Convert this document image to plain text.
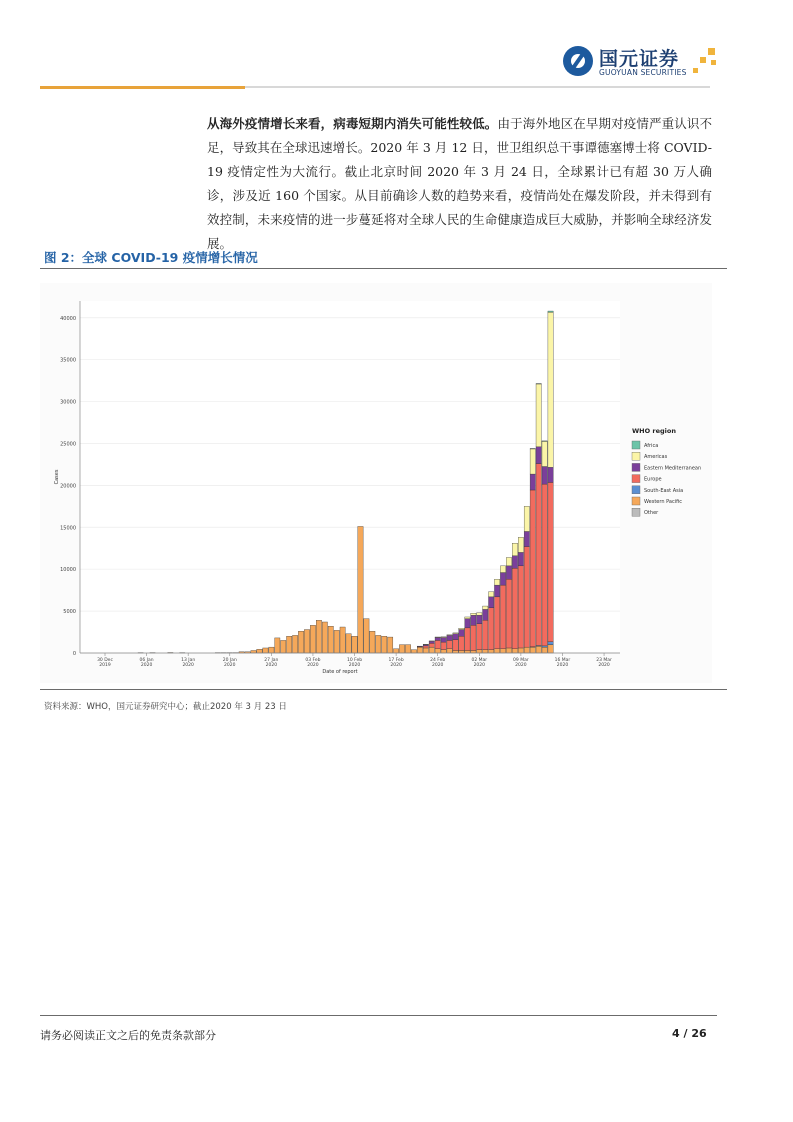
国元证券
GUOYUAN SECURITIES
从海外疫情增长来看，病毒短期内消失可能性较低。由于海外地区在早期对疫情严重认识不足，导致其在全球迅速增长。2020 年 3 月 12 日，世卫组织总干事谭德塞博士将 COVID-19 疫情定性为大流行。截止北京时间 2020 年 3 月 24 日，全球累计已有超 30 万人确诊，涉及近 160 个国家。从目前确诊人数的趋势来看，疫情尚处在爆发阶段，并未得到有效控制，未来疫情的进一步蔓延将对全球人民的生命健康造成巨大威胁，并影响全球经济发展。
图 2：全球 COVID-19 疫情增长情况
0
5000
10000
15000
20000
25000
30000
35000
40000
Cases
30 Dec
2019
06 Jan
2020
13 Jan
2020
20 Jan
2020
27 Jan
2020
03 Feb
2020
10 Feb
2020
17 Feb
2020
24 Feb
2020
02 Mar
2020
09 Mar
2020
16 Mar
2020
23 Mar
2020
Date of report
WHO region
Africa
Americas
Eastern Mediterranean
Europe
South-East Asia
Western Pacific
Other
资料来源：WHO，国元证券研究中心；截止2020 年 3 月 23 日
请务必阅读正文之后的免责条款部分	4 / 26
